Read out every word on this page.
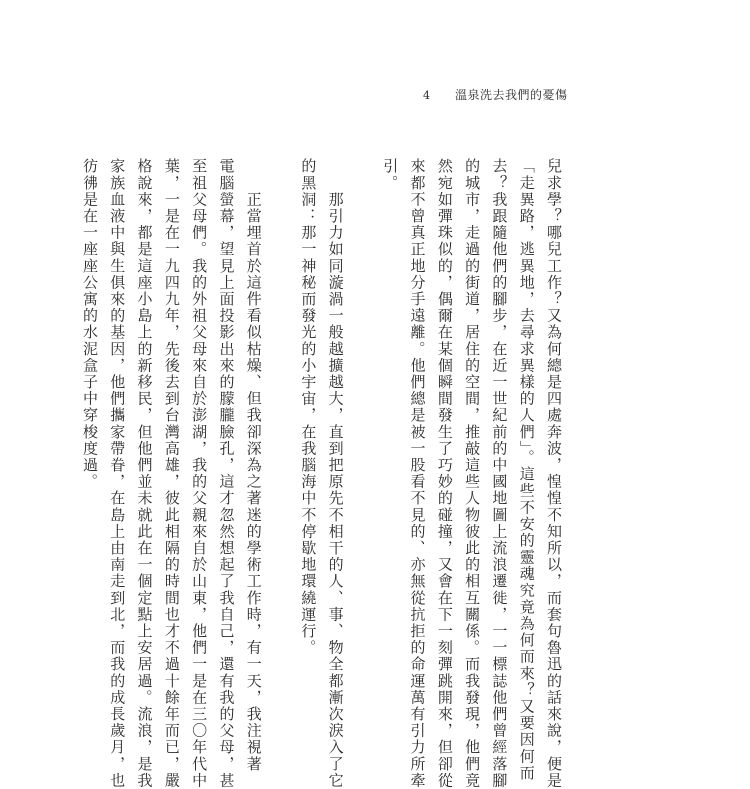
4 溫泉洗去我們的憂傷
兒求學？哪兒工作？又為何總是四處奔波，惶惶不知所以，而套句魯迅的話來說，便是
「走異路，逃異地，去尋求異樣的人們」。這些不安的靈魂究竟為何而來？又要因何而
去？我跟隨他們的腳步，在近一世紀前的中國地圖上流浪遷徙，一一標誌他們曾經落腳
的城市，走過的街道，居住的空間，推敲這些人物彼此的相互關係。而我發現，他們竟
然宛如彈珠似的，偶爾在某個瞬間發生了巧妙的碰撞，又會在下一刻彈跳開來，但卻從
來都不曾真正地分手遠離。他們總是被一股看不見的、亦無從抗拒的命運萬有引力所牽
引。
　　那引力如同漩渦一般越擴越大，直到把原先不相干的人、事、物全都漸次淚入了它
的黑洞：那一神秘而發光的小宇宙，在我腦海中不停歇地環繞運行。
　　正當埋首於這件看似枯燥、但我卻深為之著迷的學術工作時，有一天，我注視著
電腦螢幕，望見上面投影出來的朦朧臉孔，這才忽然想起了我自己，還有我的父母，甚
至祖父母們。我的外祖父母來自於澎湖，我的父親來自於山東，他們一是在三〇年代中
葉，一是在一九四九年，先後去到台灣高雄，彼此相隔的時間也才不過十餘年而已，嚴
格說來，都是這座小島上的新移民，但他們並未就此在一個定點上安居過。流浪，是我
家族血液中與生俱來的基因，他們攜家帶眷，在島上由南走到北，而我的成長歲月，也
彷彿是在一座座公寓的水泥盒子中穿梭度過。
